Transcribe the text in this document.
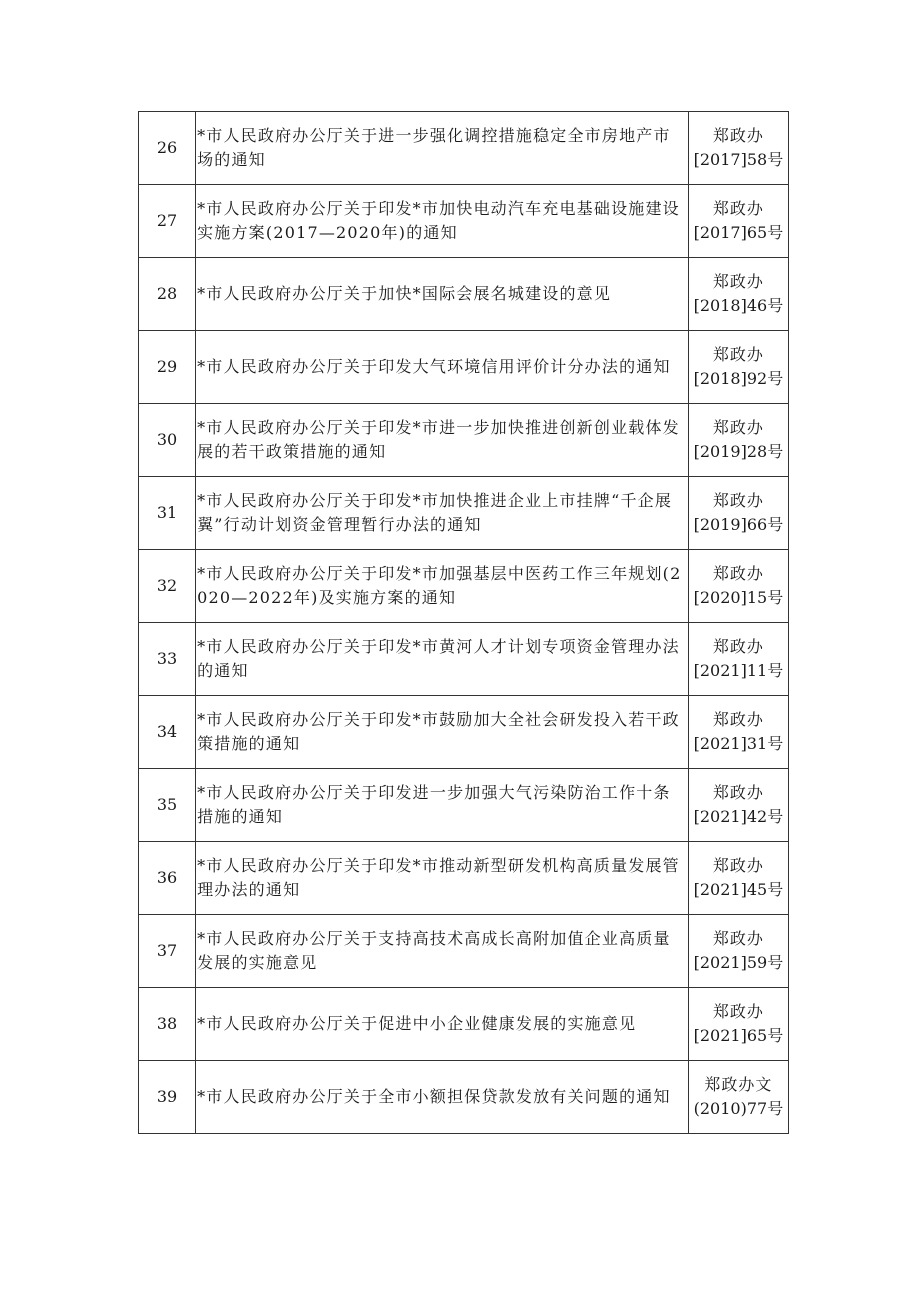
26	*市人民政府办公厅关于进一步强化调控措施稳定全市房地产市场的通知	郑政办
[2017]58号

27	*市人民政府办公厅关于印发*市加快电动汽车充电基础设施建设实施方案(2017—2020年)的通知	郑政办
[2017]65号

28	*市人民政府办公厅关于加快*国际会展名城建设的意见	郑政办
[2018]46号

29	*市人民政府办公厅关于印发大气环境信用评价计分办法的通知	郑政办
[2018]92号

30	*市人民政府办公厅关于印发*市进一步加快推进创新创业载体发展的若干政策措施的通知	郑政办
[2019]28号

31	*市人民政府办公厅关于印发*市加快推进企业上市挂牌“千企展翼”行动计划资金管理暂行办法的通知	郑政办
[2019]66号

32	*市人民政府办公厅关于印发*市加强基层中医药工作三年规划(2020—2022年)及实施方案的通知	郑政办
[2020]15号

33	*市人民政府办公厅关于印发*市黄河人才计划专项资金管理办法的通知	郑政办
[2021]11号

34	*市人民政府办公厅关于印发*市鼓励加大全社会研发投入若干政策措施的通知	郑政办
[2021]31号

35	*市人民政府办公厅关于印发进一步加强大气污染防治工作十条措施的通知	郑政办
[2021]42号

36	*市人民政府办公厅关于印发*市推动新型研发机构高质量发展管理办法的通知	郑政办
[2021]45号

37	*市人民政府办公厅关于支持高技术高成长高附加值企业高质量发展的实施意见	郑政办
[2021]59号

38	*市人民政府办公厅关于促进中小企业健康发展的实施意见	郑政办
[2021]65号

39	*市人民政府办公厅关于全市小额担保贷款发放有关问题的通知	郑政办文
(2010)77号
